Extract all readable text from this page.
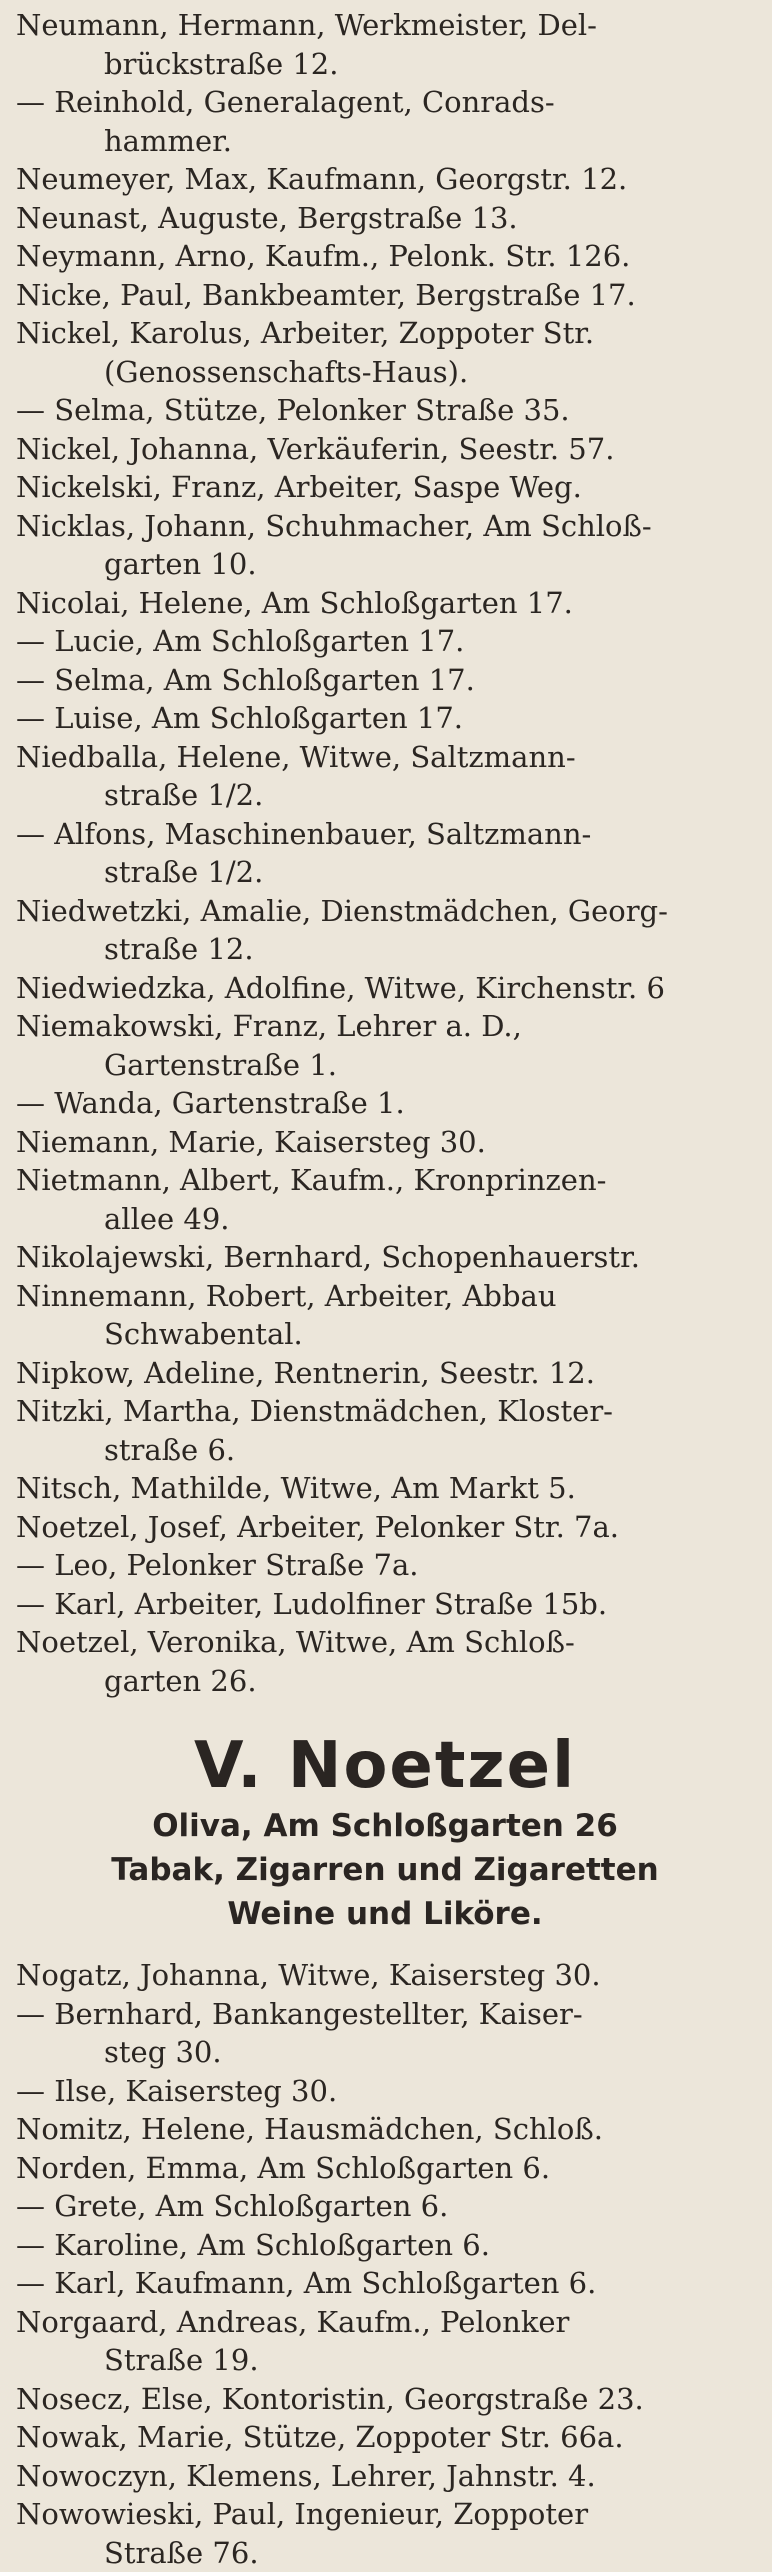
Neumann, Hermann, Werkmeister, Del-
brückstraße 12.

— Reinhold, Generalagent, Conrads-
hammer.

Neumeyer, Max, Kaufmann, Georgstr. 12.

Neunast, Auguste, Bergstraße 13.

Neymann, Arno, Kaufm., Pelonk. Str. 126.

Nicke, Paul, Bankbeamter, Bergstraße 17.

Nickel, Karolus, Arbeiter, Zoppoter Str.
(Genossenschafts-Haus).

— Selma, Stütze, Pelonker Straße 35.

Nickel, Johanna, Verkäuferin, Seestr. 57.

Nickelski, Franz, Arbeiter, Saspe Weg.

Nicklas, Johann, Schuhmacher, Am Schloß-
garten 10.

Nicolai, Helene, Am Schloßgarten 17.

— Lucie, Am Schloßgarten 17.

— Selma, Am Schloßgarten 17.

— Luise, Am Schloßgarten 17.

Niedballa, Helene, Witwe, Saltzmann-
straße 1/2.

— Alfons, Maschinenbauer, Saltzmann-
straße 1/2.

Niedwetzki, Amalie, Dienstmädchen, Georg-
straße 12.

Niedwiedzka, Adolfine, Witwe, Kirchenstr. 6

Niemakowski, Franz, Lehrer a. D.,
Gartenstraße 1.

— Wanda, Gartenstraße 1.

Niemann, Marie, Kaisersteg 30.

Nietmann, Albert, Kaufm., Kronprinzen-
allee 49.

Nikolajewski, Bernhard, Schopenhauerstr.

Ninnemann, Robert, Arbeiter, Abbau
Schwabental.

Nipkow, Adeline, Rentnerin, Seestr. 12.

Nitzki, Martha, Dienstmädchen, Kloster-
straße 6.

Nitsch, Mathilde, Witwe, Am Markt 5.

Noetzel, Josef, Arbeiter, Pelonker Str. 7a.

— Leo, Pelonker Straße 7a.

— Karl, Arbeiter, Ludolfiner Straße 15b.

Noetzel, Veronika, Witwe, Am Schloß-
garten 26.

V. Noetzel
Oliva, Am Schloßgarten 26
Tabak, Zigarren und Zigaretten
Weine und Liköre.

Nogatz, Johanna, Witwe, Kaisersteg 30.

— Bernhard, Bankangestellter, Kaiser-
steg 30.

— Ilse, Kaisersteg 30.

Nomitz, Helene, Hausmädchen, Schloß.

Norden, Emma, Am Schloßgarten 6.

— Grete, Am Schloßgarten 6.

— Karoline, Am Schloßgarten 6.

— Karl, Kaufmann, Am Schloßgarten 6.

Norgaard, Andreas, Kaufm., Pelonker
Straße 19.

Nosecz, Else, Kontoristin, Georgstraße 23.

Nowak, Marie, Stütze, Zoppoter Str. 66a.

Nowoczyn, Klemens, Lehrer, Jahnstr. 4.

Nowowieski, Paul, Ingenieur, Zoppoter
Straße 76.
